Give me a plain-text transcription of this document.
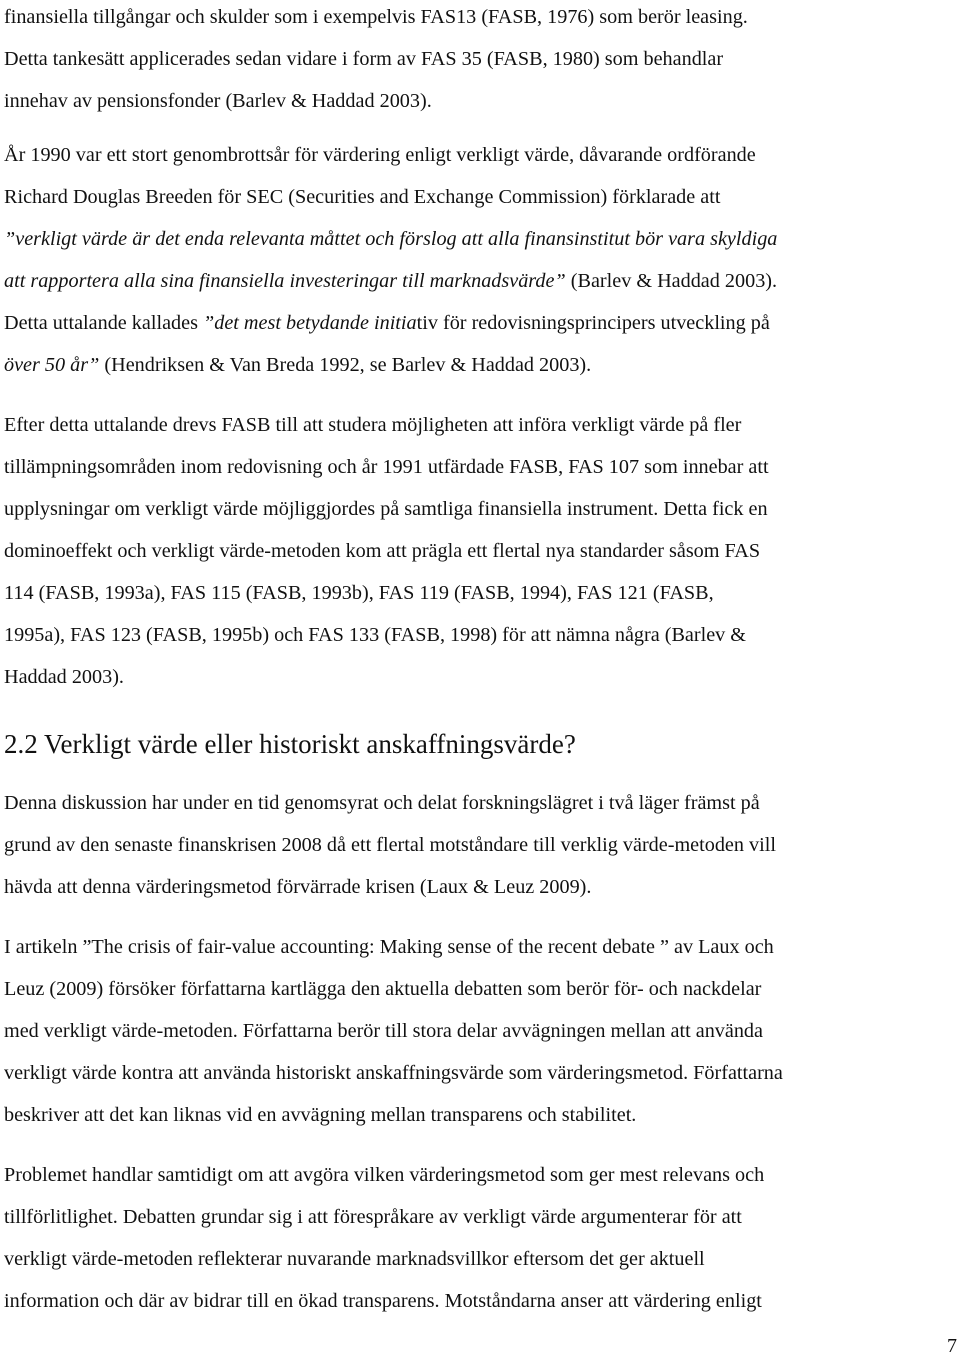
finansiella tillgångar och skulder som i exempelvis FAS13 (FASB, 1976) som berör leasing.
Detta tankesätt applicerades sedan vidare i form av FAS 35 (FASB, 1980) som behandlar
innehav av pensionsfonder (Barlev & Haddad 2003).

År 1990 var ett stort genombrottsår för värdering enligt verkligt värde, dåvarande ordförande
Richard Douglas Breeden för SEC (Securities and Exchange Commission) förklarade att
”verkligt värde är det enda relevanta måttet och förslog att alla finansinstitut bör vara skyldiga
att rapportera alla sina finansiella investeringar till marknadsvärde” (Barlev & Haddad 2003).
Detta uttalande kallades ”det mest betydande initiativ för redovisningsprincipers utveckling på
över 50 år” (Hendriksen & Van Breda 1992, se Barlev & Haddad 2003).

Efter detta uttalande drevs FASB till att studera möjligheten att införa verkligt värde på fler
tillämpningsområden inom redovisning och år 1991 utfärdade FASB, FAS 107 som innebar att
upplysningar om verkligt värde möjliggjordes på samtliga finansiella instrument. Detta fick en
dominoeffekt och verkligt värde-metoden kom att prägla ett flertal nya standarder såsom FAS
114 (FASB, 1993a), FAS 115 (FASB, 1993b), FAS 119 (FASB, 1994), FAS 121 (FASB,
1995a), FAS 123 (FASB, 1995b) och FAS 133 (FASB, 1998) för att nämna några (Barlev &
Haddad 2003).

2.2 Verkligt värde eller historiskt anskaffningsvärde?

Denna diskussion har under en tid genomsyrat och delat forskningslägret i två läger främst på
grund av den senaste finanskrisen 2008 då ett flertal motståndare till verklig värde-metoden vill
hävda att denna värderingsmetod förvärrade krisen (Laux & Leuz 2009).

I artikeln ”The crisis of fair-value accounting: Making sense of the recent debate ” av Laux och
Leuz (2009) försöker författarna kartlägga den aktuella debatten som berör för- och nackdelar
med verkligt värde-metoden. Författarna berör till stora delar avvägningen mellan att använda
verkligt värde kontra att använda historiskt anskaffningsvärde som värderingsmetod. Författarna
beskriver att det kan liknas vid en avvägning mellan transparens och stabilitet.

Problemet handlar samtidigt om att avgöra vilken värderingsmetod som ger mest relevans och
tillförlitlighet. Debatten grundar sig i att förespråkare av verkligt värde argumenterar för att
verkligt värde-metoden reflekterar nuvarande marknadsvillkor eftersom det ger aktuell
information och där av bidrar till en ökad transparens. Motståndarna anser att värdering enligt

7
